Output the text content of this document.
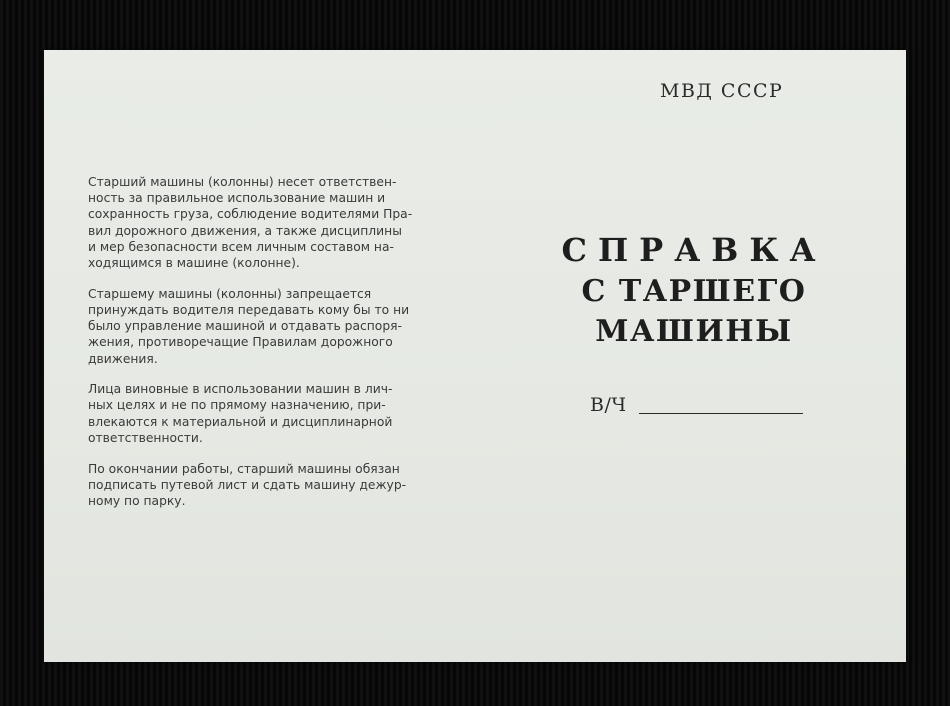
Старший машины (колонны) несет ответствен-
ность за правильное использование машин и
сохранность груза, соблюдение водителями Пра-
вил дорожного движения, а также дисциплины
и мер безопасности всем личным составом на-
ходящимся в машине (колонне).

Старшему машины (колонны) запрещается
принуждать водителя передавать кому бы то ни
было управление машиной и отдавать распоря-
жения, противоречащие Правилам дорожного
движения.

Лица виновные в использовании машин в лич-
ных целях и не по прямому назначению, при-
влекаются к материальной и дисциплинарной
ответственности.

По окончании работы, старший машины обязан
подписать путевой лист и сдать машину дежур-
ному по парку.

МВД СССР
СПРАВКА
С ТАРШЕГО МАШИНЫ
В/Ч
